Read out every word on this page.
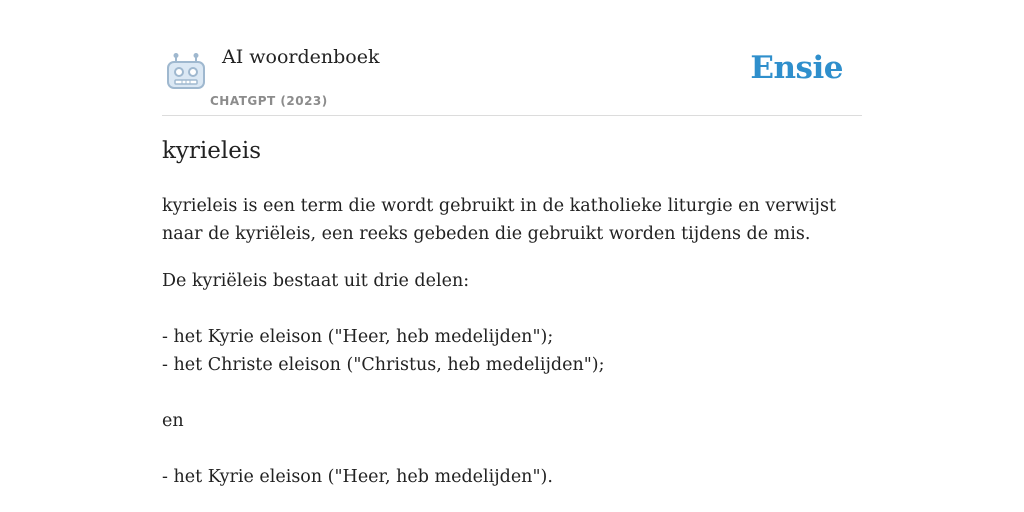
AI woordenboek
CHATGPT (2023)
Ensie
kyrieleis

kyrieleis is een term die wordt gebruikt in de katholieke liturgie en verwijst naar de kyriëleis, een reeks gebeden die gebruikt worden tijdens de mis.

De kyriëleis bestaat uit drie delen:
- het Kyrie eleison ("Heer, heb medelijden");
- het Christe eleison ("Christus, heb medelijden");
en
- het Kyrie eleison ("Heer, heb medelijden").
